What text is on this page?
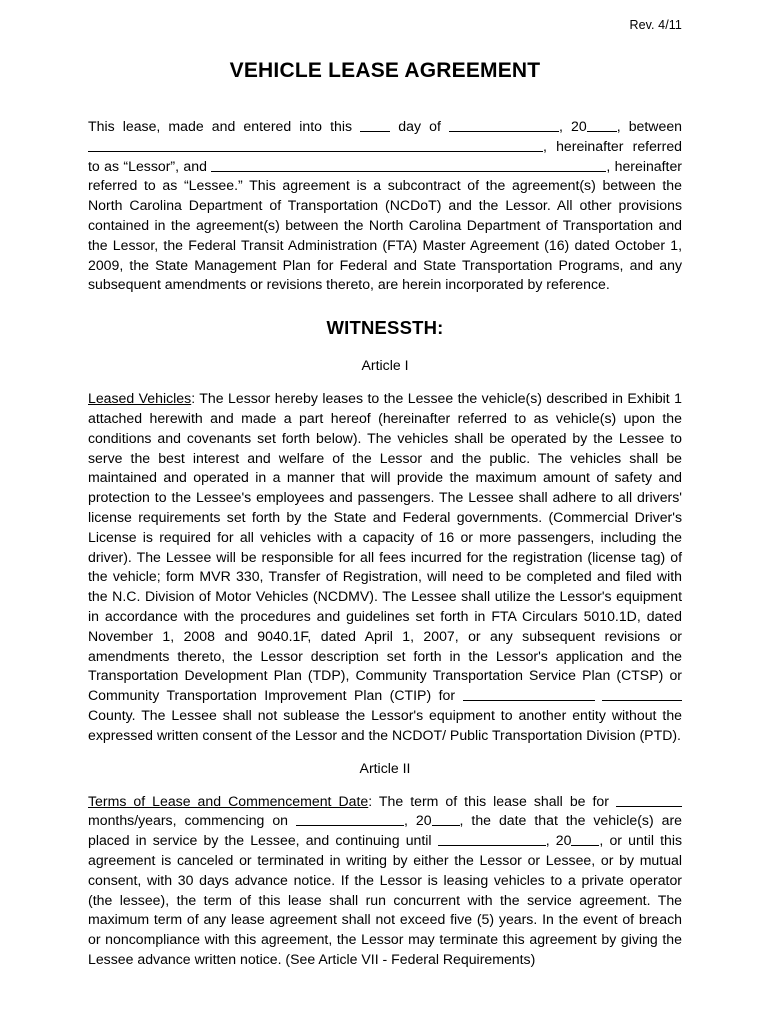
Rev. 4/11
VEHICLE LEASE AGREEMENT

This lease, made and entered into this	day of	, 20 , between , hereinafter referred to as “Lessor”, and	, hereinafter referred to as “Lessee.” This agreement is a subcontract of the agreement(s) between the North Carolina Department of Transportation (NCDoT) and the Lessor. All other provisions contained in the agreement(s) between the North Carolina Department of Transportation and the Lessor, the Federal Transit Administration (FTA) Master Agreement (16) dated October 1, 2009, the State Management Plan for Federal and State Transportation Programs, and any subsequent amendments or revisions thereto, are herein incorporated by reference.

WITNESSTH:
Article I

Leased Vehicles: The Lessor hereby leases to the Lessee the vehicle(s) described in Exhibit 1 attached herewith and made a part hereof (hereinafter referred to as vehicle(s) upon the conditions and covenants set forth below). The vehicles shall be operated by the Lessee to serve the best interest and welfare of the Lessor and the public. The vehicles shall be maintained and operated in a manner that will provide the maximum amount of safety and protection to the Lessee's employees and passengers. The Lessee shall adhere to all drivers' license requirements set forth by the State and Federal governments. (Commercial Driver's License is required for all vehicles with a capacity of 16 or more passengers, including the driver). The Lessee will be responsible for all fees incurred for the registration (license tag) of the vehicle; form MVR 330, Transfer of Registration, will need to be completed and filed with the N.C. Division of Motor Vehicles (NCDMV). The Lessee shall utilize the Lessor's equipment in accordance with the procedures and guidelines set forth in FTA Circulars 5010.1D, dated November 1, 2008 and 9040.1F, dated April 1, 2007, or any subsequent revisions or amendments thereto, the Lessor description set forth in the Lessor's application and the Transportation Development Plan (TDP), Community Transportation Service Plan (CTSP) or Community Transportation Improvement Plan (CTIP) for   County. The Lessee shall not sublease the Lessor's equipment to another entity without the expressed written consent of the Lessor and the NCDOT/ Public Transportation Division (PTD).

Article II

Terms of Lease and Commencement Date: The term of this lease shall be for  months/years, commencing on	, 20 , the date that the vehicle(s) are placed in service by the Lessee, and continuing until	, 20 , or until this agreement is canceled or terminated in writing by either the Lessor or Lessee, or by mutual consent, with 30 days advance notice. If the Lessor is leasing vehicles to a private operator (the lessee), the term of this lease shall run concurrent with the service agreement. The maximum term of any lease agreement shall not exceed five (5) years. In the event of breach or noncompliance with this agreement, the Lessor may terminate this agreement by giving the Lessee advance written notice. (See Article VII - Federal Requirements)
